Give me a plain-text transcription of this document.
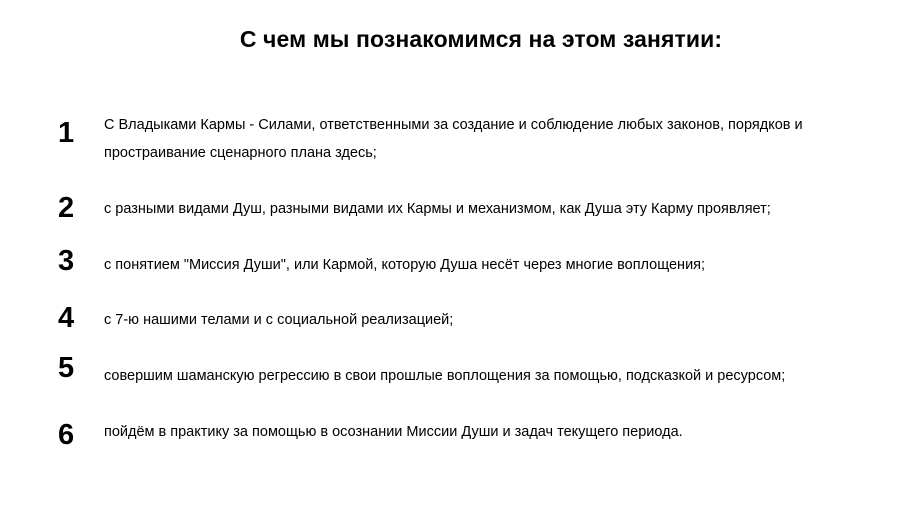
С чем мы познакомимся на этом занятии:
1	С Владыками Кармы - Силами, ответственными за создание и соблюдение любых законов, порядков и простраивание сценарного плана здесь;
2	с разными видами Душ, разными видами их Кармы и механизмом, как Душа эту Карму проявляет;
3	с понятием "Миссия Души", или Кармой, которую Душа несёт через многие воплощения;
4	с 7-ю нашими телами и с социальной реализацией;
5	совершим шаманскую регрессию в свои прошлые воплощения за помощью, подсказкой и ресурсом;
6	пойдём в практику за помощью в осознании Миссии Души и задач текущего периода.
